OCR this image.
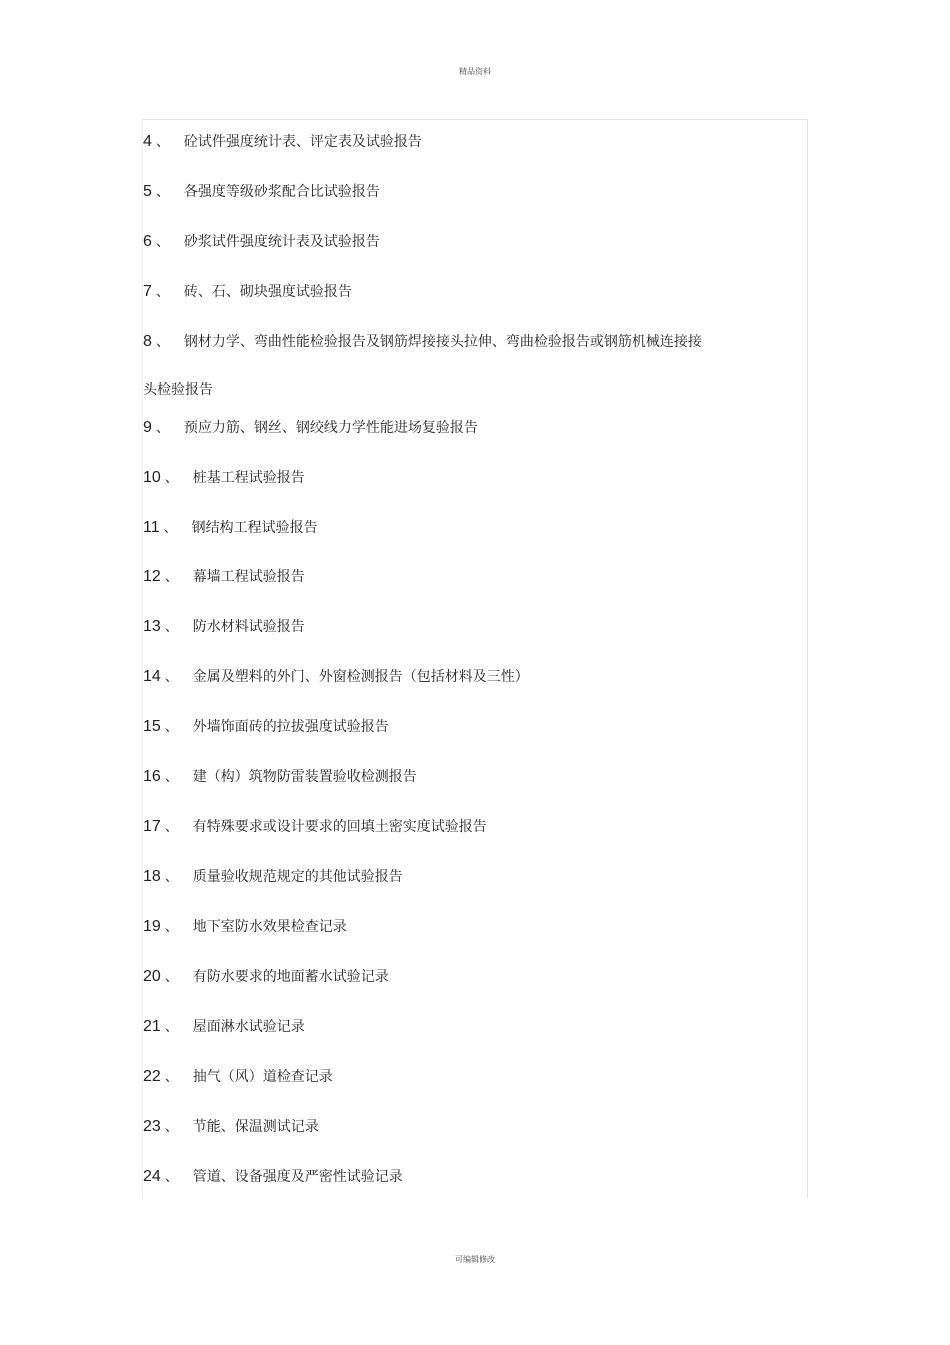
精品资料
4 、 砼试件强度统计表、评定表及试验报告
5 、 各强度等级砂浆配合比试验报告
6 、 砂浆试件强度统计表及试验报告
7 、 砖、石、砌块强度试验报告
8 、 钢材力学、弯曲性能检验报告及钢筋焊接接头拉伸、弯曲检验报告或钢筋机械连接接
头检验报告
9 、 预应力筋、钢丝、钢绞线力学性能进场复验报告
10 、 桩基工程试验报告
11 、 钢结构工程试验报告
12 、 幕墙工程试验报告
13 、 防水材料试验报告
14 、 金属及塑料的外门、外窗检测报告（包括材料及三性）
15 、 外墙饰面砖的拉拔强度试验报告
16 、 建（构）筑物防雷装置验收检测报告
17 、 有特殊要求或设计要求的回填土密实度试验报告
18 、 质量验收规范规定的其他试验报告
19 、 地下室防水效果检查记录
20 、 有防水要求的地面蓄水试验记录
21 、 屋面淋水试验记录
22 、 抽气（风）道检查记录
23 、 节能、保温测试记录
24 、 管道、设备强度及严密性试验记录
可编辑修改
